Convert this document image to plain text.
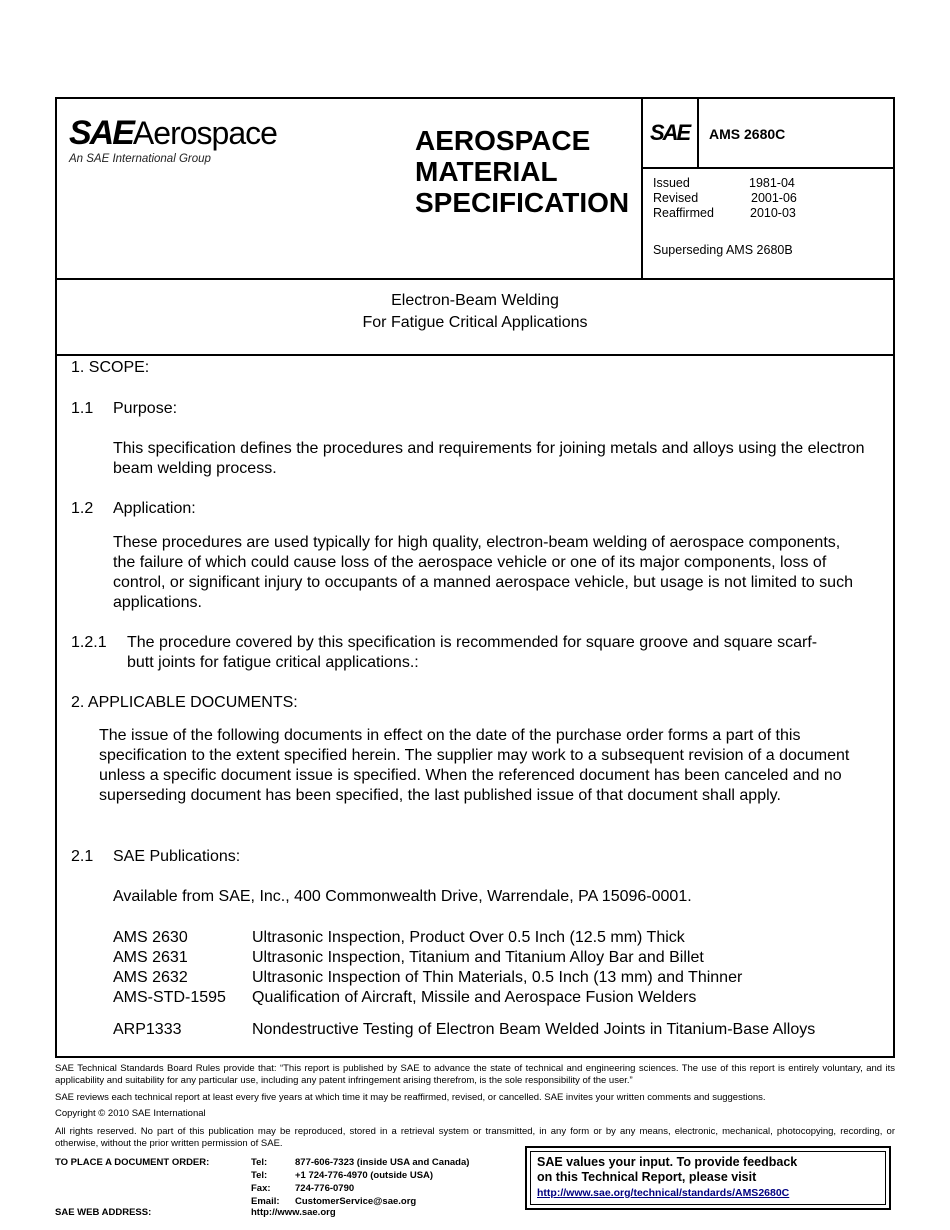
SAEAerospace
An SAE International Group
AEROSPACE
MATERIAL
SPECIFICATION
SAE AMS 2680C
Issued	1981-04
Revised	2001-06
Reaffirmed	2010-03
Superseding AMS 2680B
Electron-Beam Welding
For Fatigue Critical Applications
1. SCOPE:
1.1 Purpose:
This specification defines the procedures and requirements for joining metals and alloys using the electron beam welding process.
1.2 Application:
These procedures are used typically for high quality, electron-beam welding of aerospace components, the failure of which could cause loss of the aerospace vehicle or one of its major components, loss of control, or significant injury to occupants of a manned aerospace vehicle, but usage is not limited to such applications.
1.2.1 The procedure covered by this specification is recommended for square groove and square scarf-butt joints for fatigue critical applications.:
2. APPLICABLE DOCUMENTS:
The issue of the following documents in effect on the date of the purchase order forms a part of this specification to the extent specified herein. The supplier may work to a subsequent revision of a document unless a specific document issue is specified. When the referenced document has been canceled and no superseding document has been specified, the last published issue of that document shall apply.
2.1 SAE Publications:
Available from SAE, Inc., 400 Commonwealth Drive, Warrendale, PA 15096-0001.
AMS 2630	Ultrasonic Inspection, Product Over 0.5 Inch (12.5 mm) Thick
AMS 2631	Ultrasonic Inspection, Titanium and Titanium Alloy Bar and Billet
AMS 2632	Ultrasonic Inspection of Thin Materials, 0.5 Inch (13 mm) and Thinner
AMS-STD-1595 Qualification of Aircraft, Missile and Aerospace Fusion Welders
ARP1333	Nondestructive Testing of Electron Beam Welded Joints in Titanium-Base Alloys
SAE Technical Standards Board Rules provide that: “This report is published by SAE to advance the state of technical and engineering sciences. The use of this report is entirely voluntary, and its applicability and suitability for any particular use, including any patent infringement arising therefrom, is the sole responsibility of the user.”
SAE reviews each technical report at least every five years at which time it may be reaffirmed, revised, or cancelled. SAE invites your written comments and suggestions.
Copyright © 2010 SAE International
All rights reserved. No part of this publication may be reproduced, stored in a retrieval system or transmitted, in any form or by any means, electronic, mechanical, photocopying, recording, or otherwise, without the prior written permission of SAE.
TO PLACE A DOCUMENT ORDER:	Tel:	877-606-7323 (inside USA and Canada)
Tel:	+1 724-776-4970 (outside USA)
Fax:	724-776-0790
Email: CustomerService@sae.org
SAE WEB ADDRESS:	http://www.sae.org
SAE values your input. To provide feedback
on this Technical Report, please visit
http://www.sae.org/technical/standards/AMS2680C
